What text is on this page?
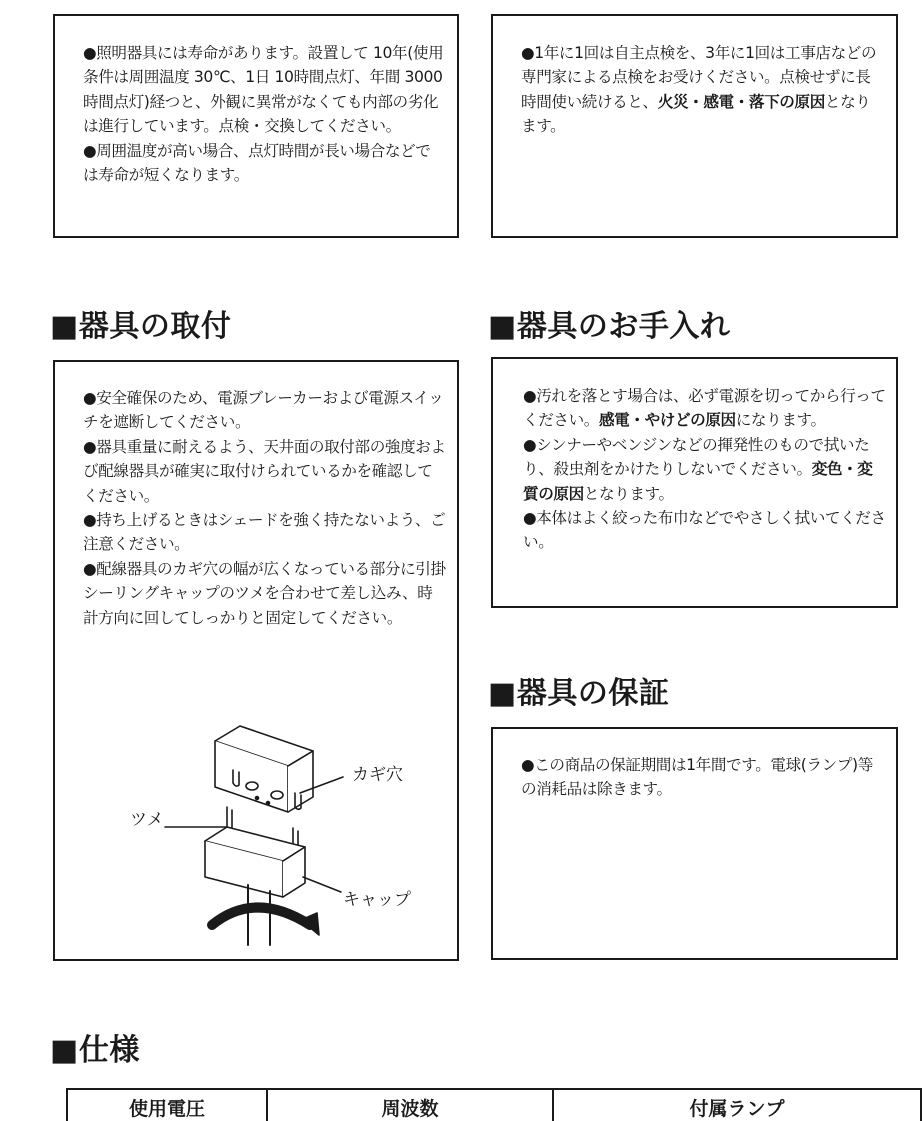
●照明器具には寿命があります。設置して 10年(使用条件は周囲温度 30℃、1日 10時間点灯、年間 3000時間点灯)経つと、外観に異常がなくても内部の劣化は進行しています。点検・交換してください。

●周囲温度が高い場合、点灯時間が長い場合などでは寿命が短くなります。

●1年に1回は自主点検を、3年に1回は工事店などの専門家による点検をお受けください。点検せずに長時間使い続けると、火災・感電・落下の原因となります。

■器具の取付

●安全確保のため、電源ブレーカーおよび電源スイッチを遮断してください。

●器具重量に耐えるよう、天井面の取付部の強度および配線器具が確実に取付けられているかを確認してください。

●持ち上げるときはシェードを強く持たないよう、ご注意ください。

●配線器具のカギ穴の幅が広くなっている部分に引掛シーリングキャップのツメを合わせて差し込み、時計方向に回してしっかりと固定してください。

カギ穴
ツメ
キャップ
■器具のお手入れ

●汚れを落とす場合は、必ず電源を切ってから行ってください。感電・やけどの原因になります。

●シンナーやベンジンなどの揮発性のもので拭いたり、殺虫剤をかけたりしないでください。変色・変質の原因となります。

●本体はよく絞った布巾などでやさしく拭いてください。

■器具の保証

●この商品の保証期間は1年間です。電球(ランプ)等の消耗品は除きます。

■仕様
使用電圧	周波数	付属ランプ
